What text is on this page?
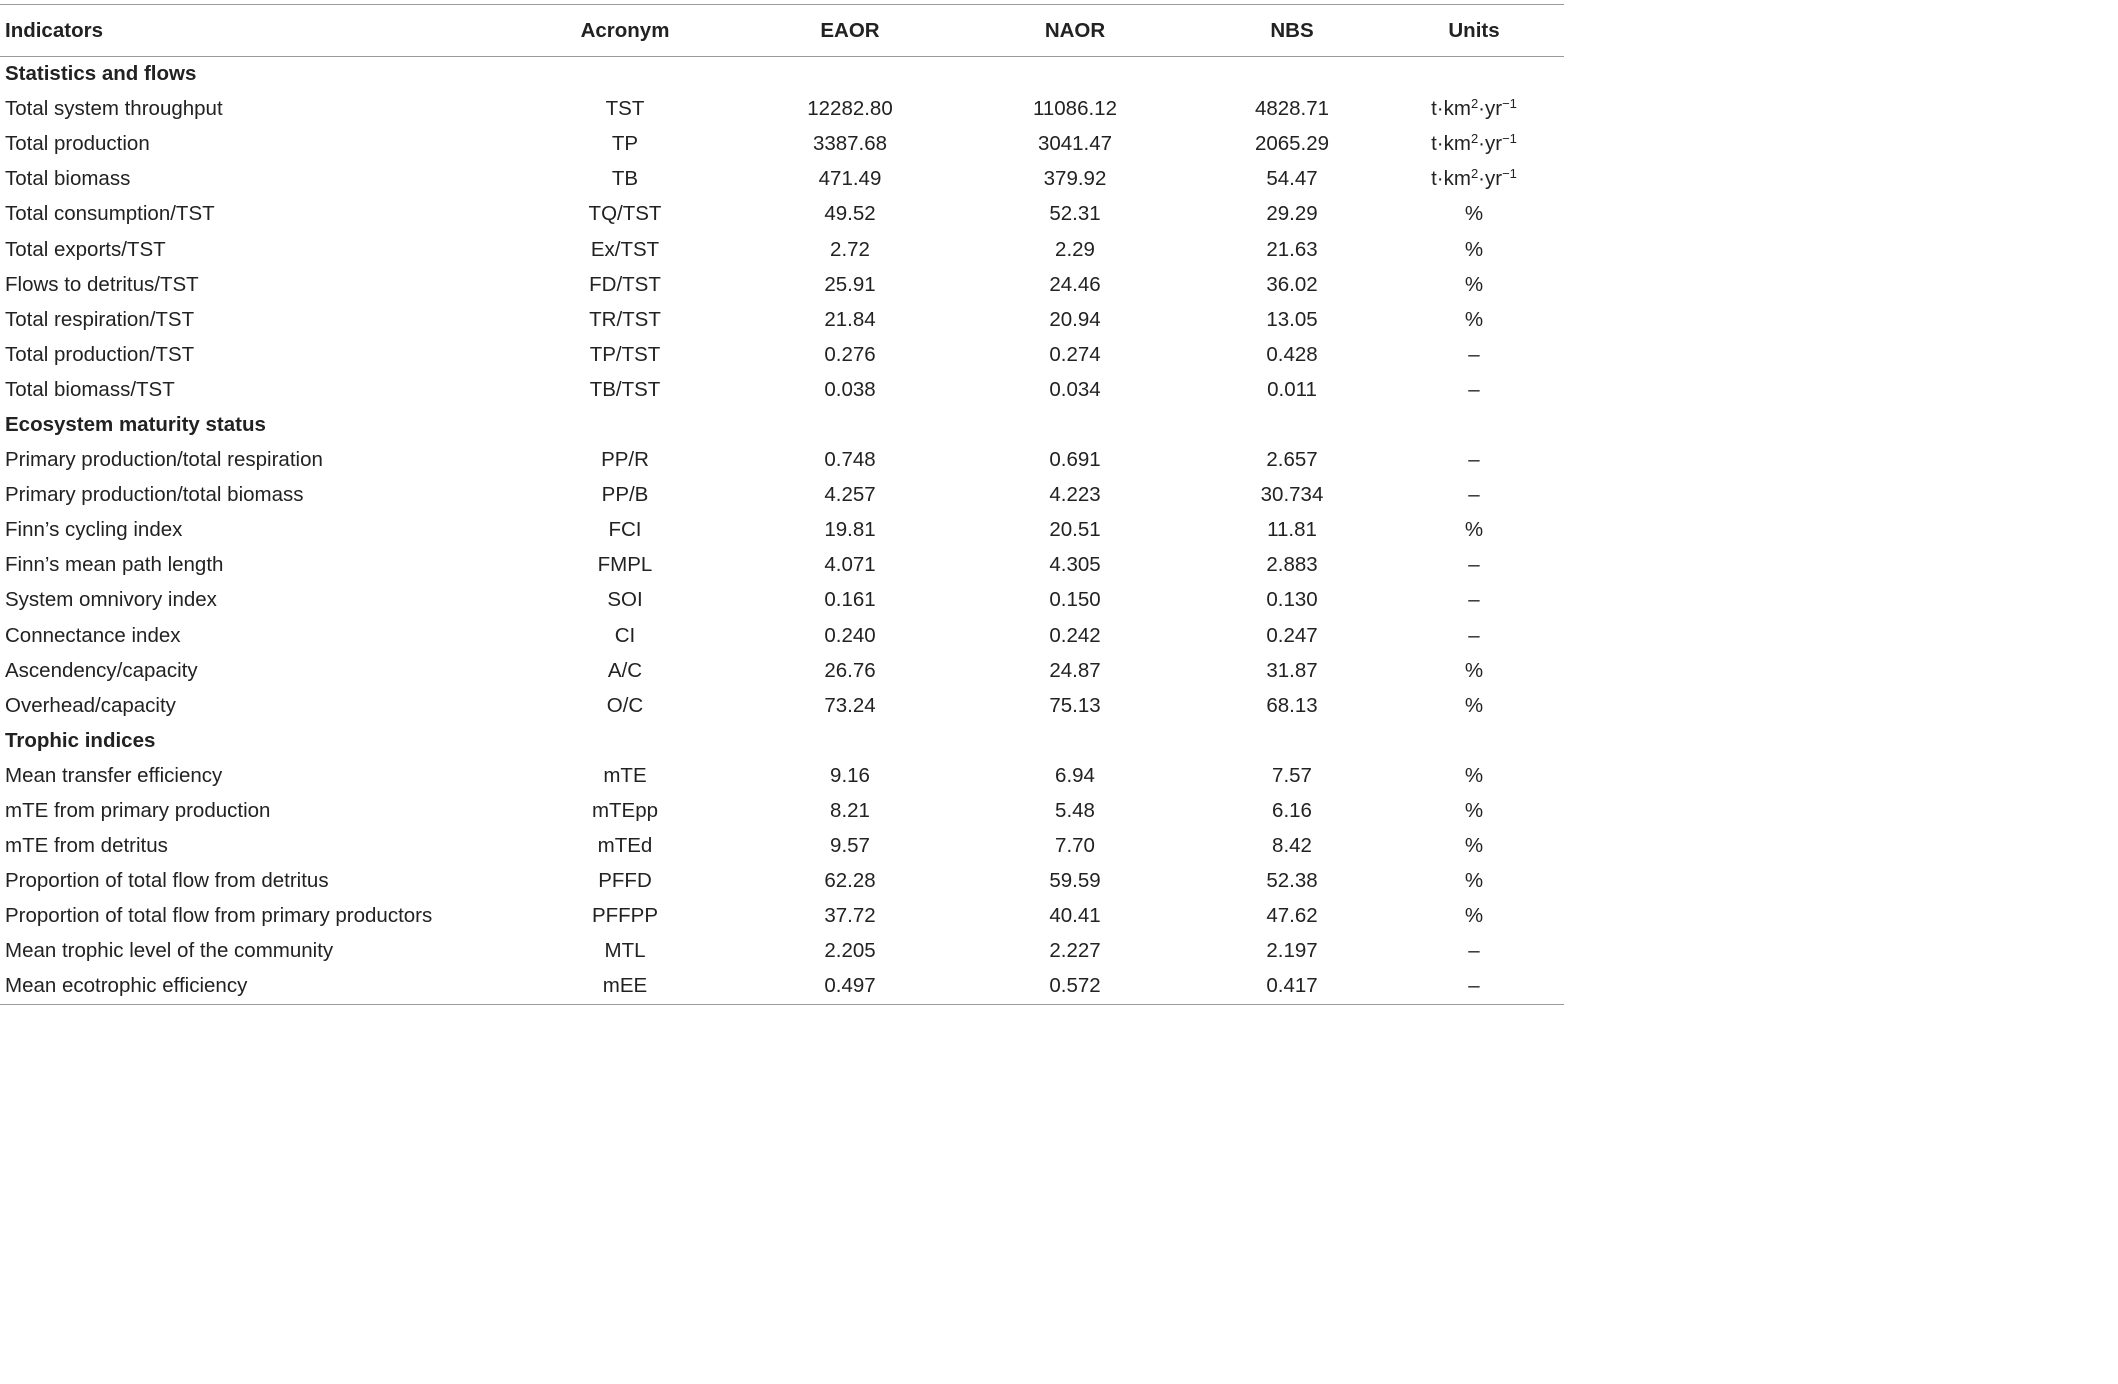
Indicators	Acronym	EAOR	NAOR	NBS	Units
Statistics and flows					
Total system throughput	TST	12282.80	11086.12	4828.71	$t\cdot km^2\cdot yr^{-1}$
Total production	TP	3387.68	3041.47	2065.29	$t\cdot km^2\cdot yr^{-1}$
Total biomass	TB	471.49	379.92	54.47	$t\cdot km^2\cdot yr^{-1}$
Total consumption/TST	TQ/TST	49.52	52.31	29.29	%
Total exports/TST	Ex/TST	2.72	2.29	21.63	%
Flows to detritus/TST	FD/TST	25.91	24.46	36.02	%
Total respiration/TST	TR/TST	21.84	20.94	13.05	%
Total production/TST	TP/TST	0.276	0.274	0.428	–
Total biomass/TST	TB/TST	0.038	0.034	0.011	–
Ecosystem maturity status					
Primary production/total respiration	PP/R	0.748	0.691	2.657	–
Primary production/total biomass	PP/B	4.257	4.223	30.734	–
Finn’s cycling index	FCI	19.81	20.51	11.81	%
Finn’s mean path length	FMPL	4.071	4.305	2.883	–
System omnivory index	SOI	0.161	0.150	0.130	–
Connectance index	CI	0.240	0.242	0.247	–
Ascendency/capacity	A/C	26.76	24.87	31.87	%
Overhead/capacity	O/C	73.24	75.13	68.13	%
Trophic indices					
Mean transfer efficiency	mTE	9.16	6.94	7.57	%
mTE from primary production	mTEpp	8.21	5.48	6.16	%
mTE from detritus	mTEd	9.57	7.70	8.42	%
Proportion of total flow from detritus	PFFD	62.28	59.59	52.38	%
Proportion of total flow from primary productors	PFFPP	37.72	40.41	47.62	%
Mean trophic level of the community	MTL	2.205	2.227	2.197	–
Mean ecotrophic efficiency	mEE	0.497	0.572	0.417	–
